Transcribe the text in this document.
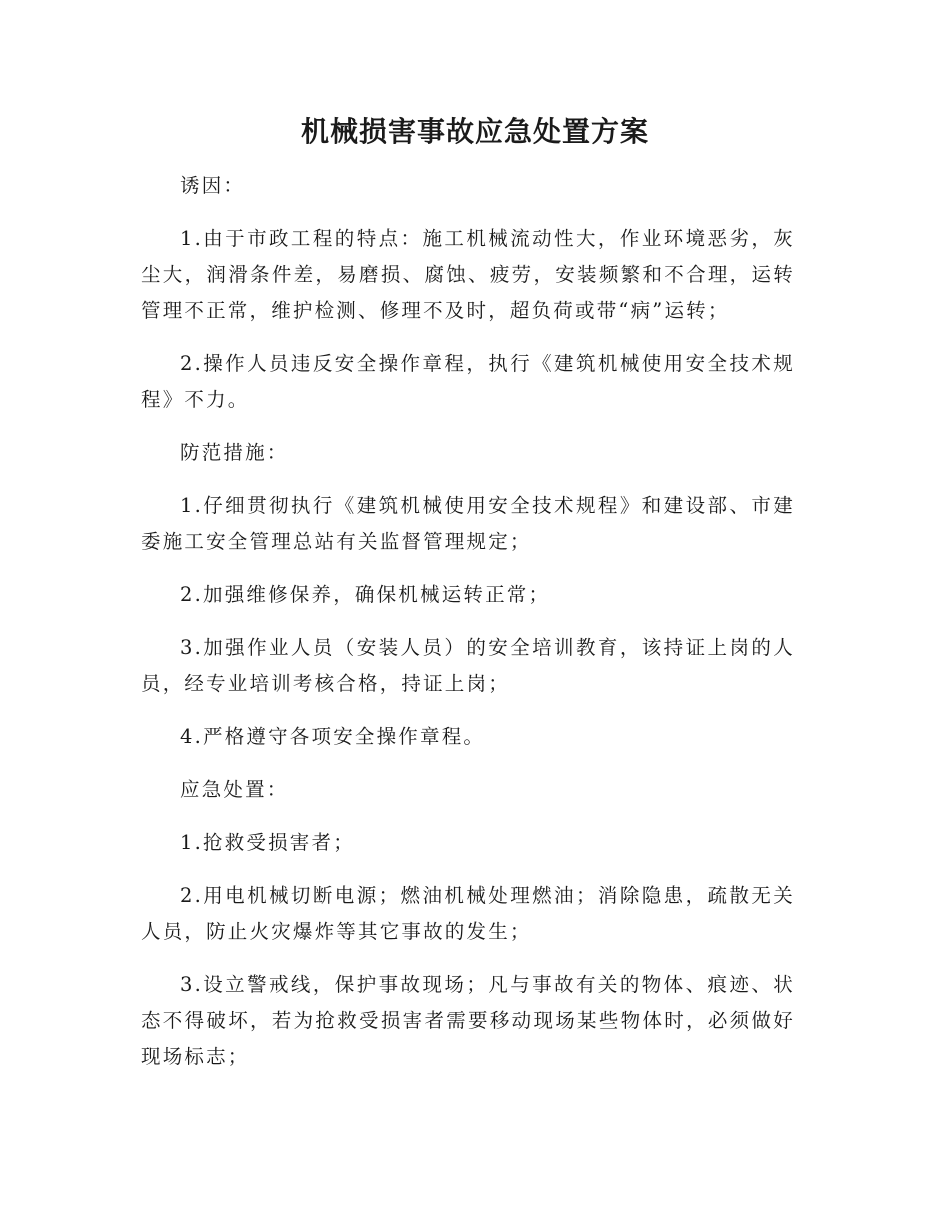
机械损害事故应急处置方案

诱因：

1.由于市政工程的特点：施工机械流动性大，作业环境恶劣，灰尘大，润滑条件差，易磨损、腐蚀、疲劳，安装频繁和不合理，运转管理不正常，维护检测、修理不及时，超负荷或带“病”运转；

2.操作人员违反安全操作章程，执行《建筑机械使用安全技术规程》不力。

防范措施：

1.仔细贯彻执行《建筑机械使用安全技术规程》和建设部、市建委施工安全管理总站有关监督管理规定；

2.加强维修保养，确保机械运转正常；

3.加强作业人员（安装人员）的安全培训教育，该持证上岗的人员，经专业培训考核合格，持证上岗；

4.严格遵守各项安全操作章程。

应急处置：

1.抢救受损害者；

2.用电机械切断电源；燃油机械处理燃油；消除隐患，疏散无关人员，防止火灾爆炸等其它事故的发生；

3.设立警戒线，保护事故现场；凡与事故有关的物体、痕迹、状态不得破坏，若为抢救受损害者需要移动现场某些物体时，必须做好现场标志；
